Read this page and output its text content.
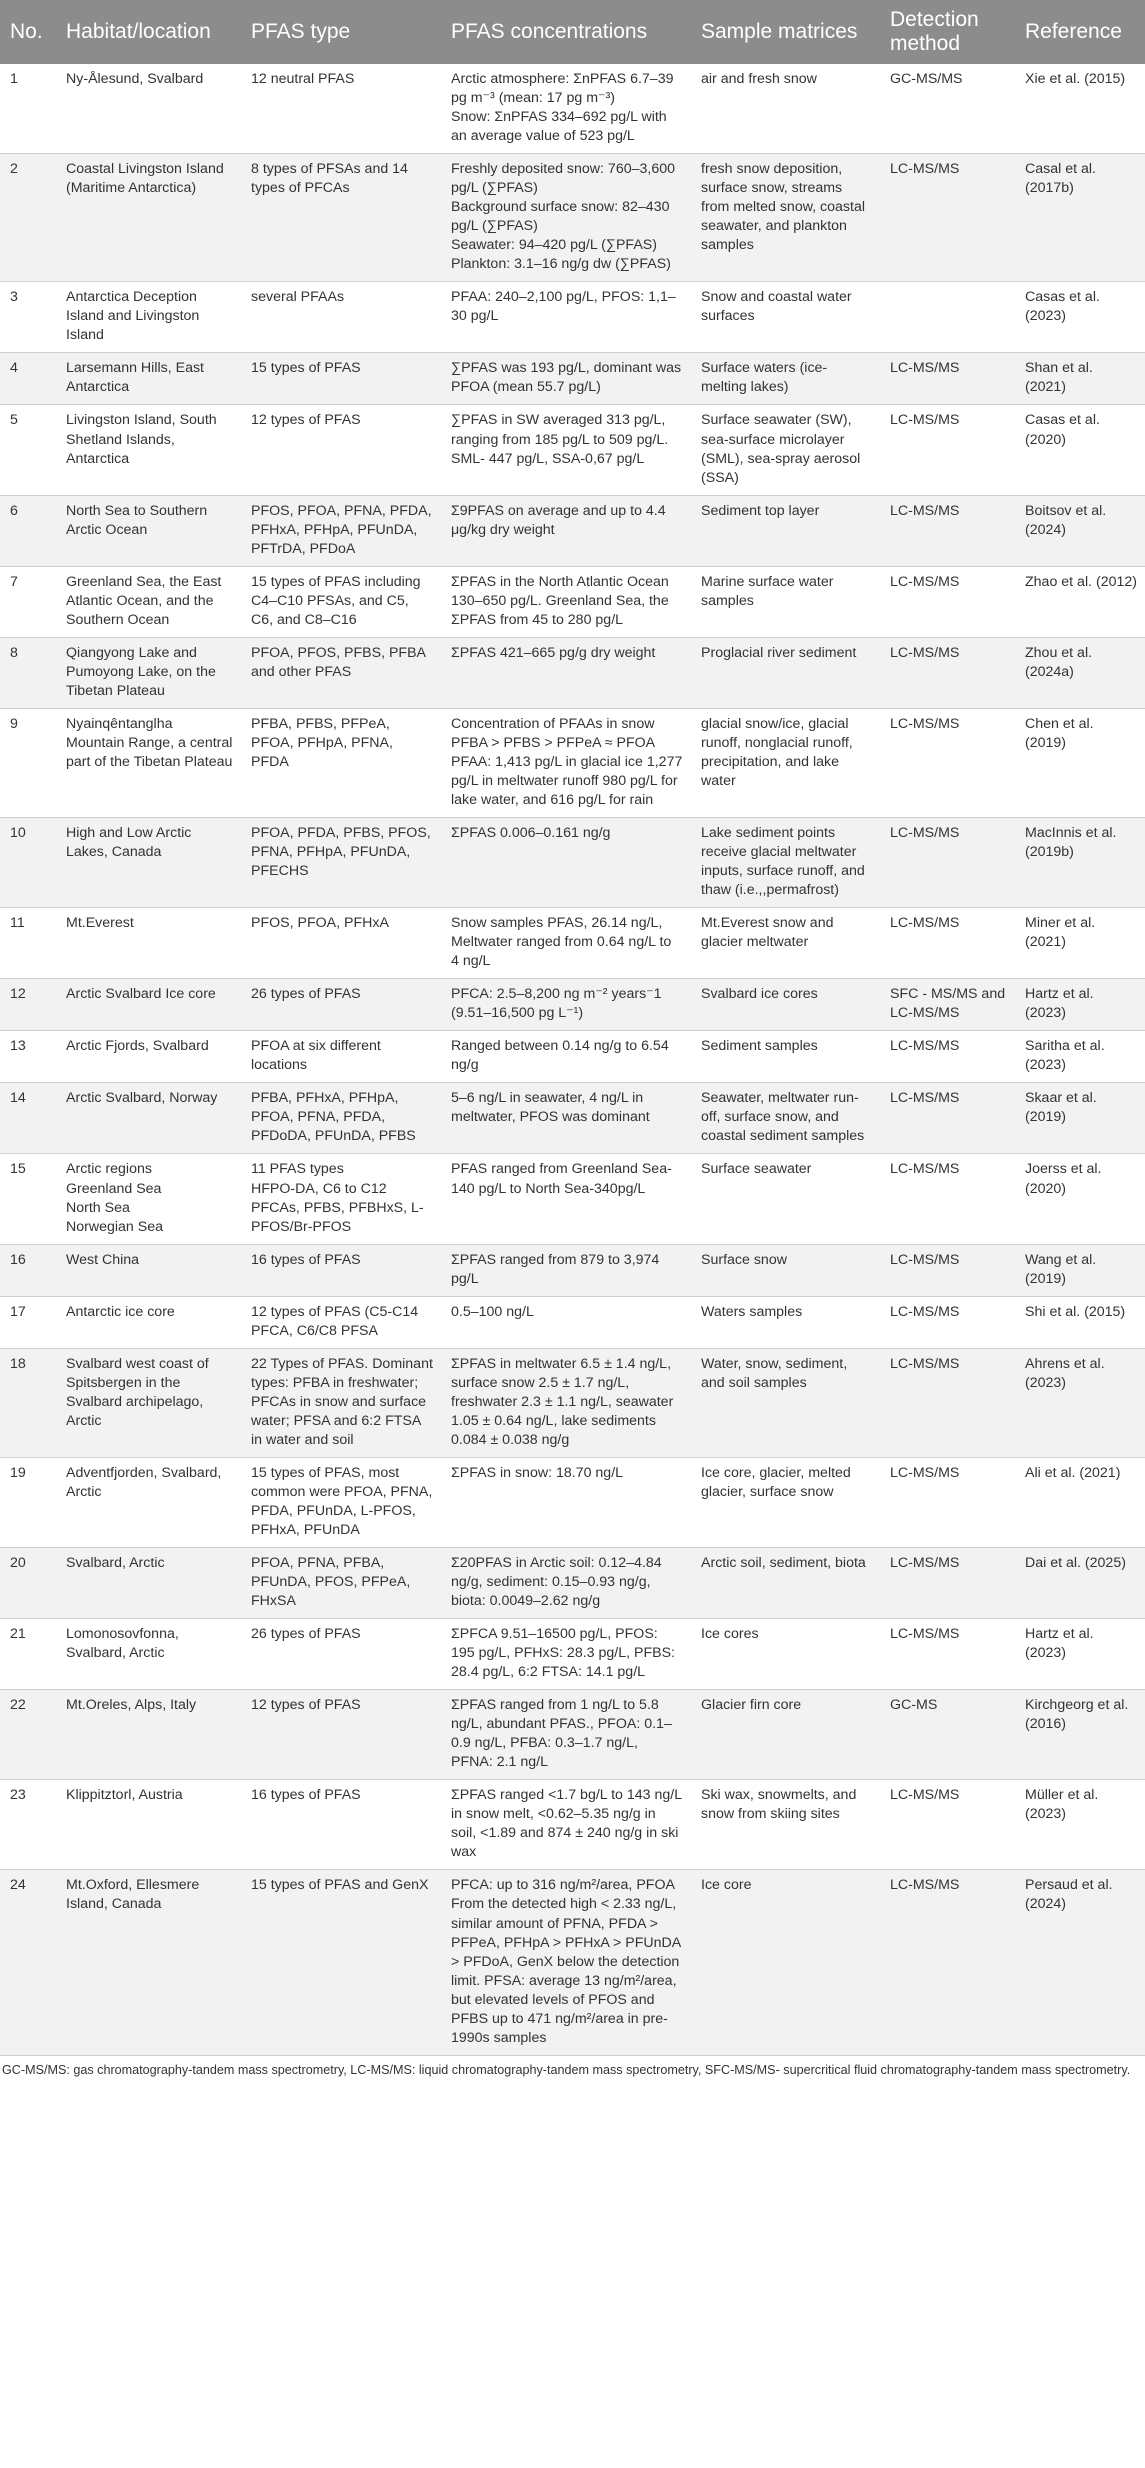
No.	Habitat/location	PFAS type	PFAS concentrations	Sample matrices	Detection method	Reference
1	Ny-Ålesund, Svalbard	12 neutral PFAS	Arctic atmosphere: ΣnPFAS 6.7–39 pg m⁻³ (mean: 17 pg m⁻³)
Snow: ΣnPFAS 334–692 pg/L with an average value of 523 pg/L	air and fresh snow	GC-MS/MS	Xie et al. (2015)
2	Coastal Livingston Island (Maritime Antarctica)	8 types of PFSAs and 14 types of PFCAs	Freshly deposited snow: 760–3,600 pg/L (∑PFAS)
Background surface snow: 82–430 pg/L (∑PFAS)
Seawater: 94–420 pg/L (∑PFAS)
Plankton: 3.1–16 ng/g dw (∑PFAS)	fresh snow deposition, surface snow, streams from melted snow, coastal seawater, and plankton samples	LC-MS/MS	Casal et al. (2017b)
3	Antarctica Deception Island and Livingston Island	several PFAAs	PFAA: 240–2,100 pg/L, PFOS: 1,1–30 pg/L	Snow and coastal water surfaces		Casas et al. (2023)
4	Larsemann Hills, East Antarctica	15 types of PFAS	∑PFAS was 193 pg/L, dominant was PFOA (mean 55.7 pg/L)	Surface waters (ice-melting lakes)	LC-MS/MS	Shan et al. (2021)
5	Livingston Island, South Shetland Islands, Antarctica	12 types of PFAS	∑PFAS in SW averaged 313 pg/L, ranging from 185 pg/L to 509 pg/L. SML- 447 pg/L, SSA-0,67 pg/L	Surface seawater (SW), sea-surface microlayer (SML), sea-spray aerosol (SSA)	LC-MS/MS	Casas et al. (2020)
6	North Sea to Southern Arctic Ocean	PFOS, PFOA, PFNA, PFDA, PFHxA, PFHpA, PFUnDA, PFTrDA, PFDoA	Σ9PFAS on average and up to 4.4 μg/kg dry weight	Sediment top layer	LC-MS/MS	Boitsov et al. (2024)
7	Greenland Sea, the East Atlantic Ocean, and the Southern Ocean	15 types of PFAS including C4–C10 PFSAs, and C5, C6, and C8–C16	ΣPFAS in the North Atlantic Ocean 130–650 pg/L. Greenland Sea, the ΣPFAS from 45 to 280 pg/L	Marine surface water samples	LC-MS/MS	Zhao et al. (2012)
8	Qiangyong Lake and Pumoyong Lake, on the Tibetan Plateau	PFOA, PFOS, PFBS, PFBA and other PFAS	ΣPFAS 421–665 pg/g dry weight	Proglacial river sediment	LC-MS/MS	Zhou et al. (2024a)
9	Nyainqêntanglha Mountain Range, a central part of the Tibetan Plateau	PFBA, PFBS, PFPeA, PFOA, PFHpA, PFNA, PFDA	Concentration of PFAAs in snow PFBA > PFBS > PFPeA ≈ PFOA PFAA: 1,413 pg/L in glacial ice 1,277 pg/L in meltwater runoff 980 pg/L for lake water, and 616 pg/L for rain	glacial snow/ice, glacial runoff, nonglacial runoff, precipitation, and lake water	LC-MS/MS	Chen et al. (2019)
10	High and Low Arctic Lakes, Canada	PFOA, PFDA, PFBS, PFOS, PFNA, PFHpA, PFUnDA, PFECHS	ΣPFAS 0.006–0.161 ng/g	Lake sediment points receive glacial meltwater inputs, surface runoff, and thaw (i.e.,,permafrost)	LC-MS/MS	MacInnis et al. (2019b)
11	Mt.Everest	PFOS, PFOA, PFHxA	Snow samples PFAS, 26.14 ng/L, Meltwater ranged from 0.64 ng/L to 4 ng/L	Mt.Everest snow and glacier meltwater	LC-MS/MS	Miner et al. (2021)
12	Arctic Svalbard Ice core	26 types of PFAS	PFCA: 2.5–8,200 ng m⁻² years⁻1 (9.51–16,500 pg L⁻¹)	Svalbard ice cores	SFC - MS/MS and LC-MS/MS	Hartz et al. (2023)
13	Arctic Fjords, Svalbard	PFOA at six different locations	Ranged between 0.14 ng/g to 6.54 ng/g	Sediment samples	LC-MS/MS	Saritha et al. (2023)
14	Arctic Svalbard, Norway	PFBA, PFHxA, PFHpA, PFOA, PFNA, PFDA, PFDoDA, PFUnDA, PFBS	5–6 ng/L in seawater, 4 ng/L in meltwater, PFOS was dominant	Seawater, meltwater run-off, surface snow, and coastal sediment samples	LC-MS/MS	Skaar et al. (2019)
15	Arctic regions
Greenland Sea
North Sea
Norwegian Sea	11 PFAS types
HFPO-DA, C6 to C12 PFCAs, PFBS, PFBHxS, L-PFOS/Br-PFOS	PFAS ranged from Greenland Sea-140 pg/L to North Sea-340pg/L	Surface seawater	LC-MS/MS	Joerss et al. (2020)
16	West China	16 types of PFAS	ΣPFAS ranged from 879 to 3,974 pg/L	Surface snow	LC-MS/MS	Wang et al. (2019)
17	Antarctic ice core	12 types of PFAS (C5-C14 PFCA, C6/C8 PFSA	0.5–100 ng/L	Waters samples	LC-MS/MS	Shi et al. (2015)
18	Svalbard west coast of Spitsbergen in the Svalbard archipelago, Arctic	22 Types of PFAS. Dominant types: PFBA in freshwater; PFCAs in snow and surface water; PFSA and 6:2 FTSA in water and soil	ΣPFAS in meltwater 6.5 ± 1.4 ng/L, surface snow 2.5 ± 1.7 ng/L, freshwater 2.3 ± 1.1 ng/L, seawater 1.05 ± 0.64 ng/L, lake sediments 0.084 ± 0.038 ng/g	Water, snow, sediment, and soil samples	LC-MS/MS	Ahrens et al. (2023)
19	Adventfjorden, Svalbard, Arctic	15 types of PFAS, most common were PFOA, PFNA, PFDA, PFUnDA, L-PFOS, PFHxA, PFUnDA	ΣPFAS in snow: 18.70 ng/L	Ice core, glacier, melted glacier, surface snow	LC-MS/MS	Ali et al. (2021)
20	Svalbard, Arctic	PFOA, PFNA, PFBA, PFUnDA, PFOS, PFPeA, FHxSA	Σ20PFAS in Arctic soil: 0.12–4.84 ng/g, sediment: 0.15–0.93 ng/g, biota: 0.0049–2.62 ng/g	Arctic soil, sediment, biota	LC-MS/MS	Dai et al. (2025)
21	Lomonosovfonna, Svalbard, Arctic	26 types of PFAS	ΣPFCA 9.51–16500 pg/L, PFOS: 195 pg/L, PFHxS: 28.3 pg/L, PFBS: 28.4 pg/L, 6:2 FTSA: 14.1 pg/L	Ice cores	LC-MS/MS	Hartz et al. (2023)
22	Mt.Oreles, Alps, Italy	12 types of PFAS	ΣPFAS ranged from 1 ng/L to 5.8 ng/L, abundant PFAS., PFOA: 0.1–0.9 ng/L, PFBA: 0.3–1.7 ng/L, PFNA: 2.1 ng/L	Glacier firn core	GC-MS	Kirchgeorg et al. (2016)
23	Klippitztorl, Austria	16 types of PFAS	ΣPFAS ranged <1.7 bg/L to 143 ng/L in snow melt, <0.62–5.35 ng/g in soil, <1.89 and 874 ± 240 ng/g in ski wax	Ski wax, snowmelts, and snow from skiing sites	LC-MS/MS	Müller et al. (2023)
24	Mt.Oxford, Ellesmere Island, Canada	15 types of PFAS and GenX	PFCA: up to 316 ng/m²/area, PFOA From the detected high < 2.33 ng/L, similar amount of PFNA, PFDA > PFPeA, PFHpA > PFHxA > PFUnDA > PFDoA, GenX below the detection limit. PFSA: average 13 ng/m²/area, but elevated levels of PFOS and PFBS up to 471 ng/m²/area in pre-1990s samples	Ice core	LC-MS/MS	Persaud et al. (2024)
GC-MS/MS: gas chromatography-tandem mass spectrometry, LC-MS/MS: liquid chromatography-tandem mass spectrometry, SFC-MS/MS- supercritical fluid chromatography-tandem mass spectrometry.
